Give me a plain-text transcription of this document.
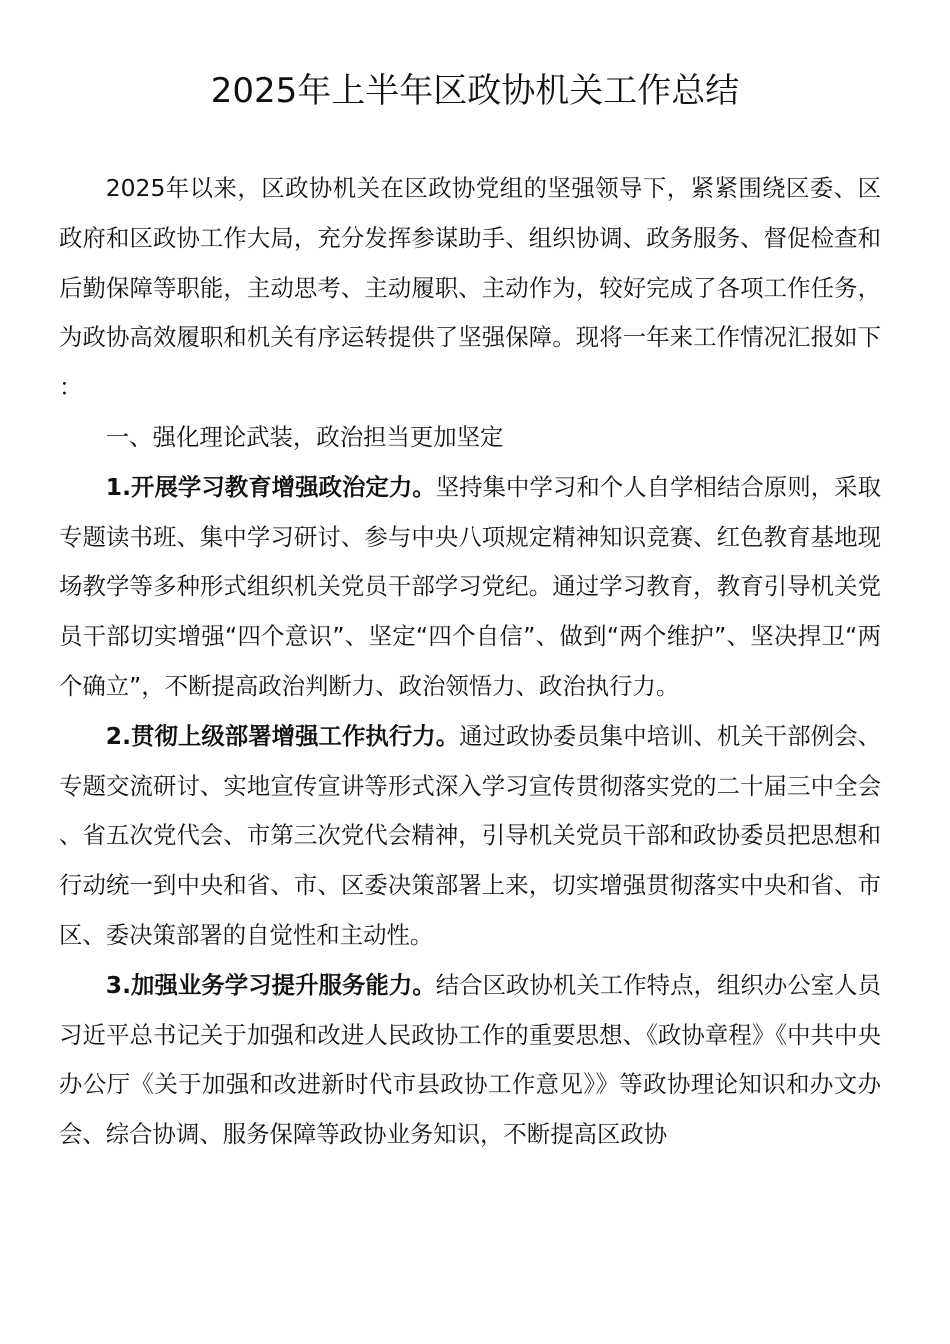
2025年上半年区政协机关工作总结

2025年以来，区政协机关在区政协党组的坚强领导下，紧紧围绕区委、区政府和区政协工作大局，充分发挥参谋助手、组织协调、政务服务、督促检查和后勤保障等职能，主动思考、主动履职、主动作为，较好完成了各项工作任务，为政协高效履职和机关有序运转提供了坚强保障。现将一年来工作情况汇报如下：

一、强化理论武装，政治担当更加坚定

1.开展学习教育增强政治定力。坚持集中学习和个人自学相结合原则，采取专题读书班、集中学习研讨、参与中央八项规定精神知识竞赛、红色教育基地现场教学等多种形式组织机关党员干部学习党纪。通过学习教育，教育引导机关党员干部切实增强“四个意识”、坚定“四个自信”、做到“两个维护”、坚决捍卫“两个确立”，不断提高政治判断力、政治领悟力、政治执行力。

2.贯彻上级部署增强工作执行力。通过政协委员集中培训、机关干部例会、专题交流研讨、实地宣传宣讲等形式深入学习宣传贯彻落实党的二十届三中全会、省五次党代会、市第三次党代会精神，引导机关党员干部和政协委员把思想和行动统一到中央和省、市、区委决策部署上来，切实增强贯彻落实中央和省、市区、委决策部署的自觉性和主动性。

3.加强业务学习提升服务能力。结合区政协机关工作特点，组织办公室人员习近平总书记关于加强和改进人民政协工作的重要思想、《政协章程》《中共中央办公厅《关于加强和改进新时代市县政协工作意见》》等政协理论知识和办文办会、综合协调、服务保障等政协业务知识，不断提高区政协
